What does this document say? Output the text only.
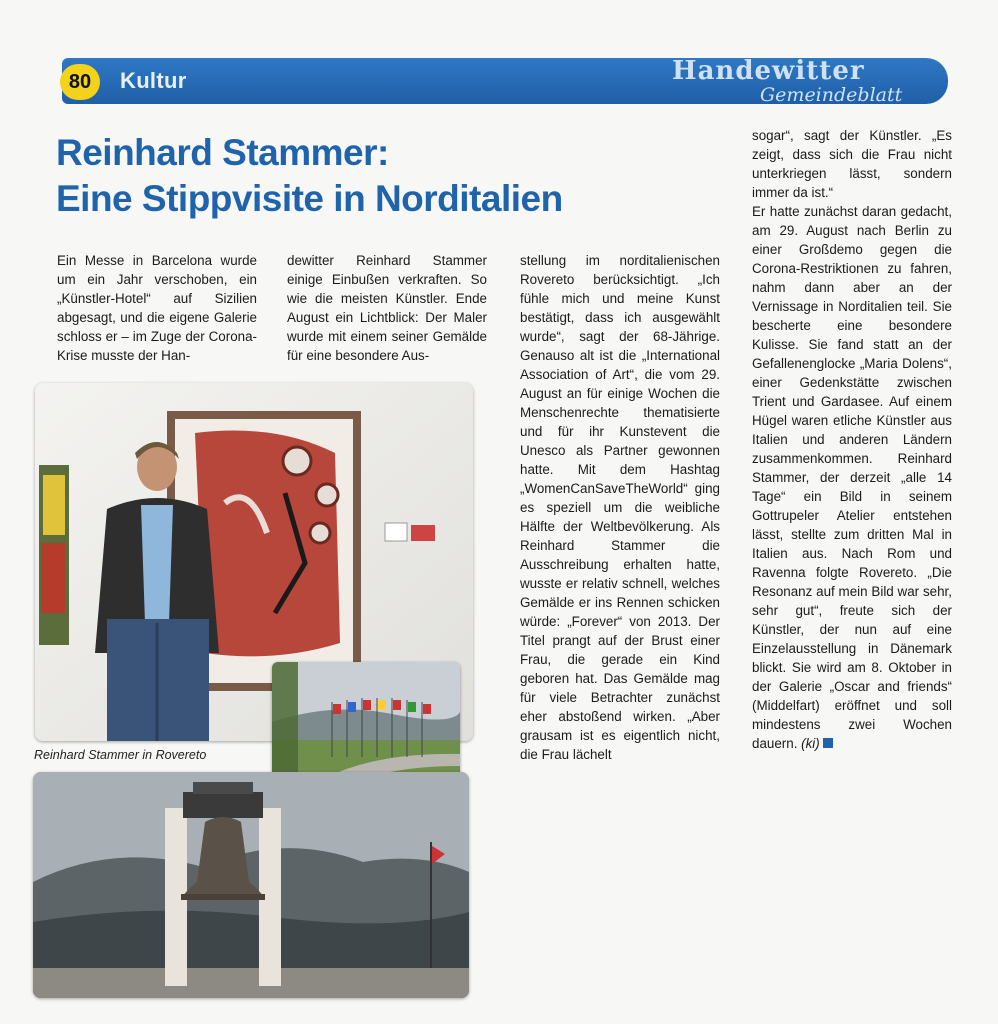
80	Kultur	Handewitter
Gemeindeblatt
Reinhard Stammer:
Eine Stippvisite in Norditalien

Ein Messe in Barcelona wurde um ein Jahr verschoben, ein „Künstler-Hotel“ auf Sizilien abgesagt, und die eigene Galerie schloss er – im Zuge der Corona-Krise musste der Han-

dewitter Reinhard Stammer einige Einbußen verkraften. So wie die meisten Künstler. Ende August ein Lichtblick: Der Maler wurde mit einem seiner Gemälde für eine besondere Aus-

stellung im norditalienischen Rovereto berücksichtigt. „Ich fühle mich und meine Kunst bestätigt, dass ich ausgewählt wurde“, sagt der 68-Jährige. Genauso alt ist die „International Association of Art“, die vom 29. August an für einige Wochen die Menschenrechte thematisierte und für ihr Kunstevent die Unesco als Partner gewonnen hatte. Mit dem Hashtag „WomenCanSaveTheWorld“ ging es speziell um die weibliche Hälfte der Weltbevölkerung. Als Reinhard Stammer die Ausschreibung erhalten hatte, wusste er relativ schnell, welches Gemälde er ins Rennen schicken würde: „Forever“ von 2013. Der Titel prangt auf der Brust einer Frau, die gerade ein Kind geboren hat. Das Gemälde mag für viele Betrachter zunächst eher abstoßend wirken. „Aber grausam ist es eigentlich nicht, die Frau lächelt

sogar“, sagt der Künstler. „Es zeigt, dass sich die Frau nicht unterkriegen lässt, sondern immer da ist.“

Er hatte zunächst daran gedacht, am 29. August nach Berlin zu einer Großdemo gegen die Corona-Restriktionen zu fahren, nahm dann aber an der Vernissage in Norditalien teil. Sie bescherte eine besondere Kulisse. Sie fand statt an der Gefallenenglocke „Maria Dolens“, einer Gedenkstätte zwischen Trient und Gardasee. Auf einem Hügel waren etliche Künstler aus Italien und anderen Ländern zusammenkommen. Reinhard Stammer, der derzeit „alle 14 Tage“ ein Bild in seinem Gottrupeler Atelier entstehen lässt, stellte zum dritten Mal in Italien aus. Nach Rom und Ravenna folgte Rovereto. „Die Resonanz auf mein Bild war sehr, sehr gut“, freute sich der Künstler, der nun auf eine Einzelausstellung in Dänemark blickt. Sie wird am 8. Oktober in der Galerie „Oscar and friends“ (Middelfart) eröffnet und soll mindestens zwei Wochen dauern. (ki)

Reinhard Stammer in Rovereto
